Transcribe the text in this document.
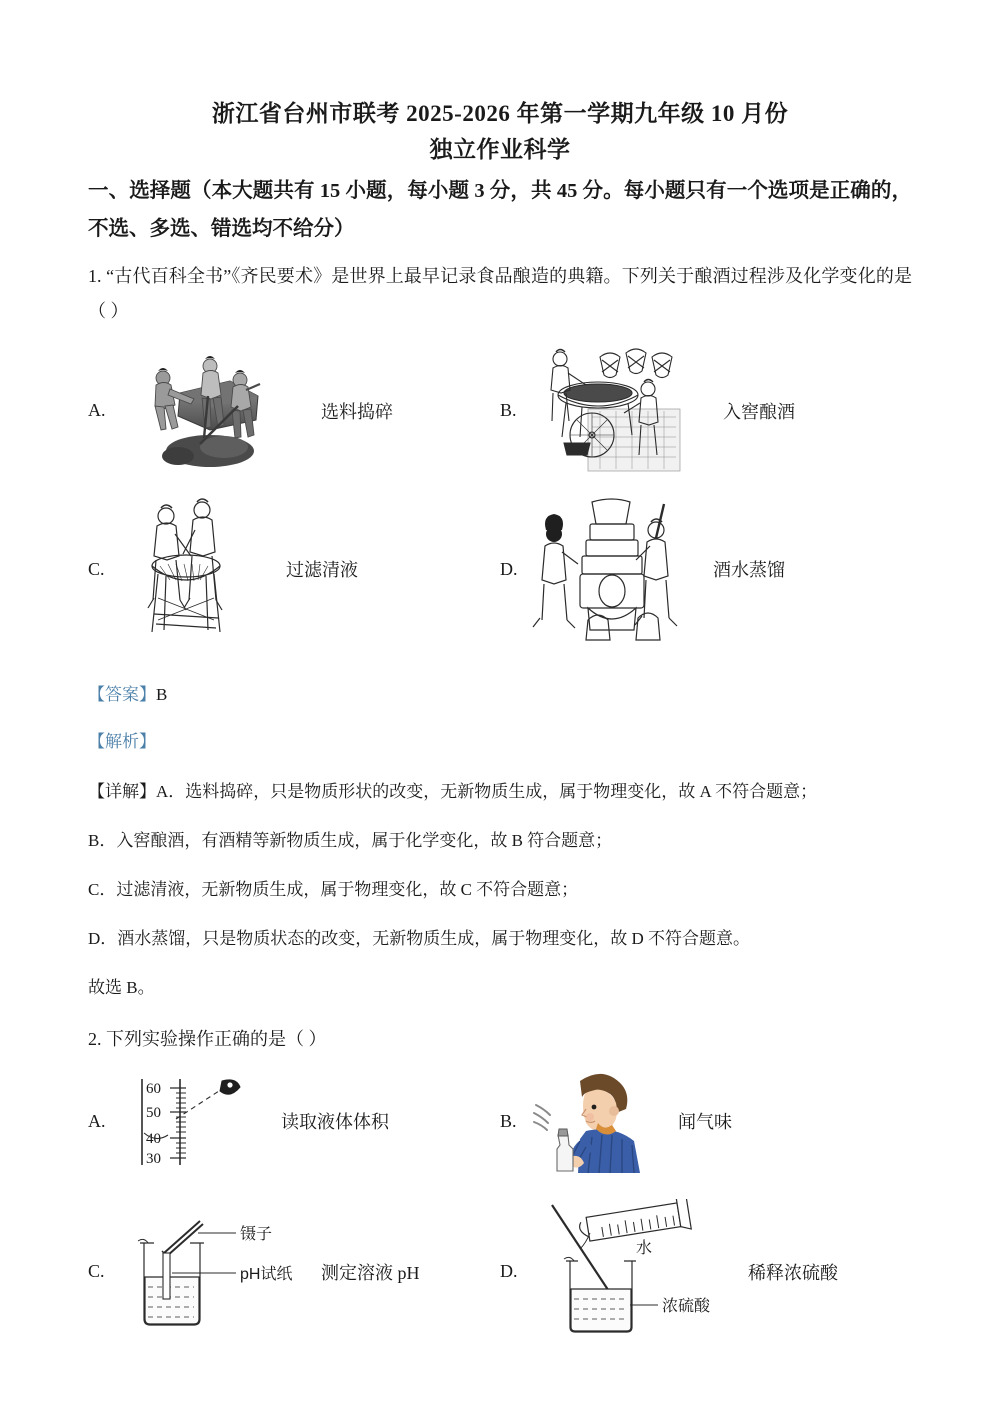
浙江省台州市联考 2025-2026 年第一学期九年级 10 月份
独立作业科学
一、选择题（本大题共有 15 小题，每小题 3 分，共 45 分。每小题只有一个选项是正确的，不选、多选、错选均不给分）
1. “古代百科全书”《齐民要术》是世界上最早记录食品酿造的典籍。下列关于酿酒过程涉及化学变化的是（ ）
A.	选料捣碎	B.	入窖酿酒
C.	过滤清液	D.	酒水蒸馏
【答案】B
【解析】
【详解】A．选料捣碎，只是物质形状的改变，无新物质生成，属于物理变化，故 A 不符合题意；
B．入窖酿酒，有酒精等新物质生成，属于化学变化，故 B 符合题意；
C．过滤清液，无新物质生成，属于物理变化，故 C 不符合题意；
D．酒水蒸馏，只是物质状态的改变，无新物质生成，属于物理变化，故 D 不符合题意。
故选 B。
2. 下列实验操作正确的是（ ）
A.
60
50
40
30
读取液体体积	B.	闻气味
C.
镊子
pH试纸 测定溶液 pH	D.
水
浓硫酸
稀释浓硫酸
